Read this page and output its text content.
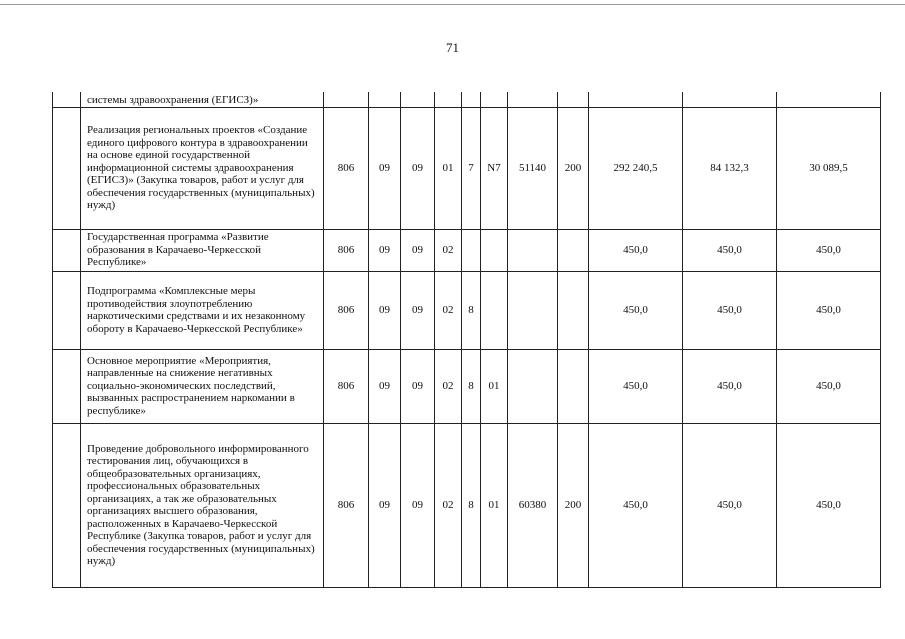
71
	системы здравоохранения (ЕГИСЗ)»											
	Реализация региональных проектов «Создание единого цифрового контура в здравоохранении на основе единой государственной информационной системы здравоохранения (ЕГИСЗ)» (Закупка товаров, работ и услуг для обеспечения государственных (муниципальных) нужд)	806	09	09	01	7	N7	51140	200	292 240,5	84 132,3	30 089,5
	Государственная программа «Развитие образования в Карачаево-Черкесской Республике»	806	09	09	02					450,0	450,0	450,0
	Подпрограмма «Комплексные меры противодействия злоупотреблению наркотическими средствами и их незаконному обороту в Карачаево-Черкесской Республике»	806	09	09	02	8				450,0	450,0	450,0
	Основное мероприятие «Мероприятия, направленные на снижение негативных социально-экономических последствий, вызванных распространением наркомании в республике»	806	09	09	02	8	01			450,0	450,0	450,0
	Проведение добровольного информированного тестирования лиц, обучающихся в общеобразовательных организациях, профессиональных образовательных организациях, а так же образовательных организациях высшего образования, расположенных в Карачаево-Черкесской Республике (Закупка товаров, работ и услуг для обеспечения государственных (муниципальных) нужд)	806	09	09	02	8	01	60380	200	450,0	450,0	450,0
